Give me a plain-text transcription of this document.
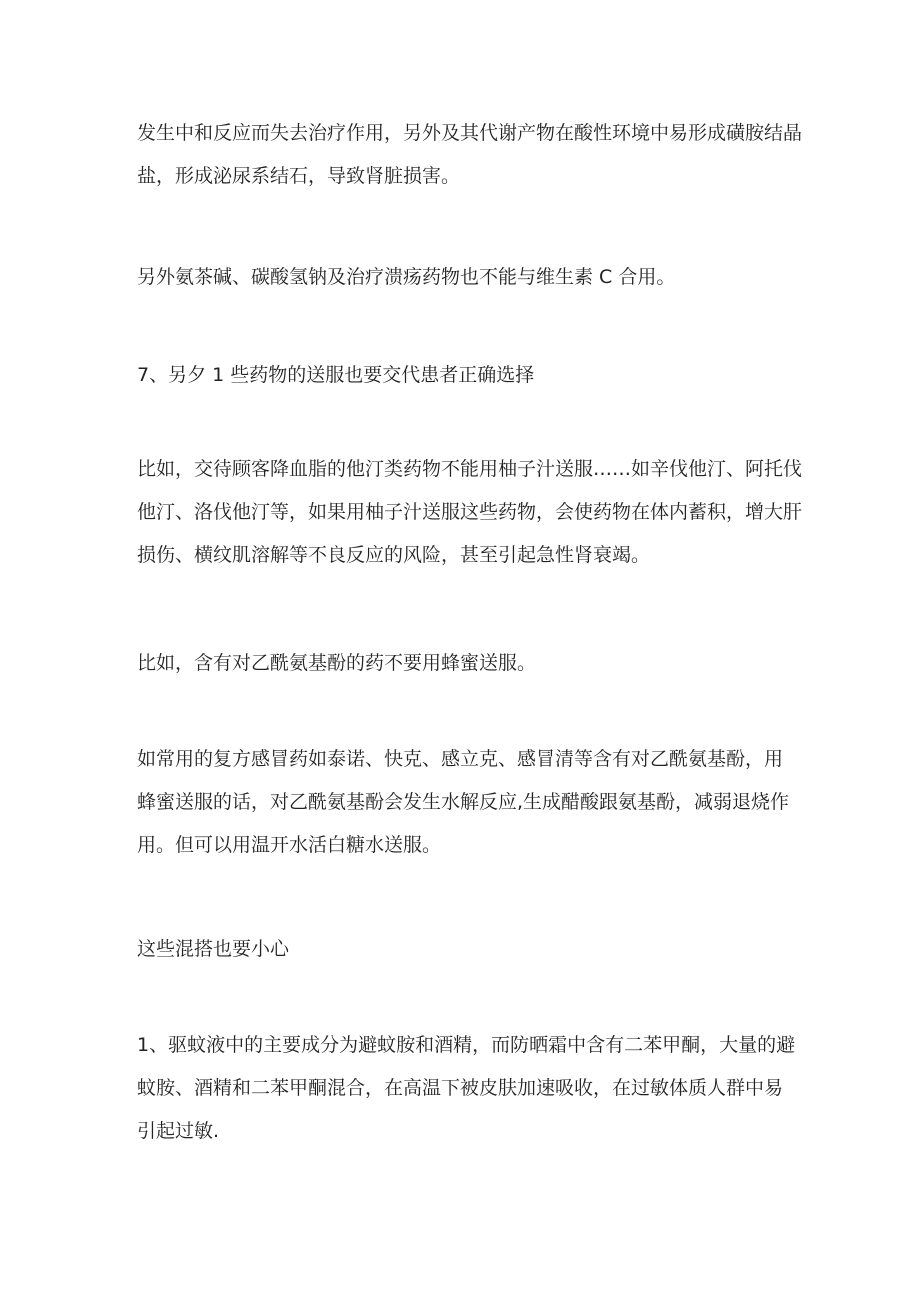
发生中和反应而失去治疗作用，另外及其代谢产物在酸性环境中易形成磺胺结晶
盐，形成泌尿系结石，导致肾脏损害。

另外氨茶碱、碳酸氢钠及治疗溃疡药物也不能与维生素 C 合用。

7、另夕 1 些药物的送服也要交代患者正确选择

比如，交待顾客降血脂的他汀类药物不能用柚子汁送服……如辛伐他汀、阿托伐
他汀、洛伐他汀等，如果用柚子汁送服这些药物，会使药物在体内蓄积，增大肝
损伤、横纹肌溶解等不良反应的风险，甚至引起急性肾衰竭。

比如，含有对乙酰氨基酚的药不要用蜂蜜送服。

如常用的复方感冒药如泰诺、快克、感立克、感冒清等含有对乙酰氨基酚，用
蜂蜜送服的话，对乙酰氨基酚会发生水解反应,生成醋酸跟氨基酚，减弱退烧作
用。但可以用温开水活白糖水送服。

这些混搭也要小心

1、驱蚊液中的主要成分为避蚊胺和酒精，而防晒霜中含有二苯甲酮，大量的避
蚊胺、酒精和二苯甲酮混合，在高温下被皮肤加速吸收，在过敏体质人群中易
引起过敏.
